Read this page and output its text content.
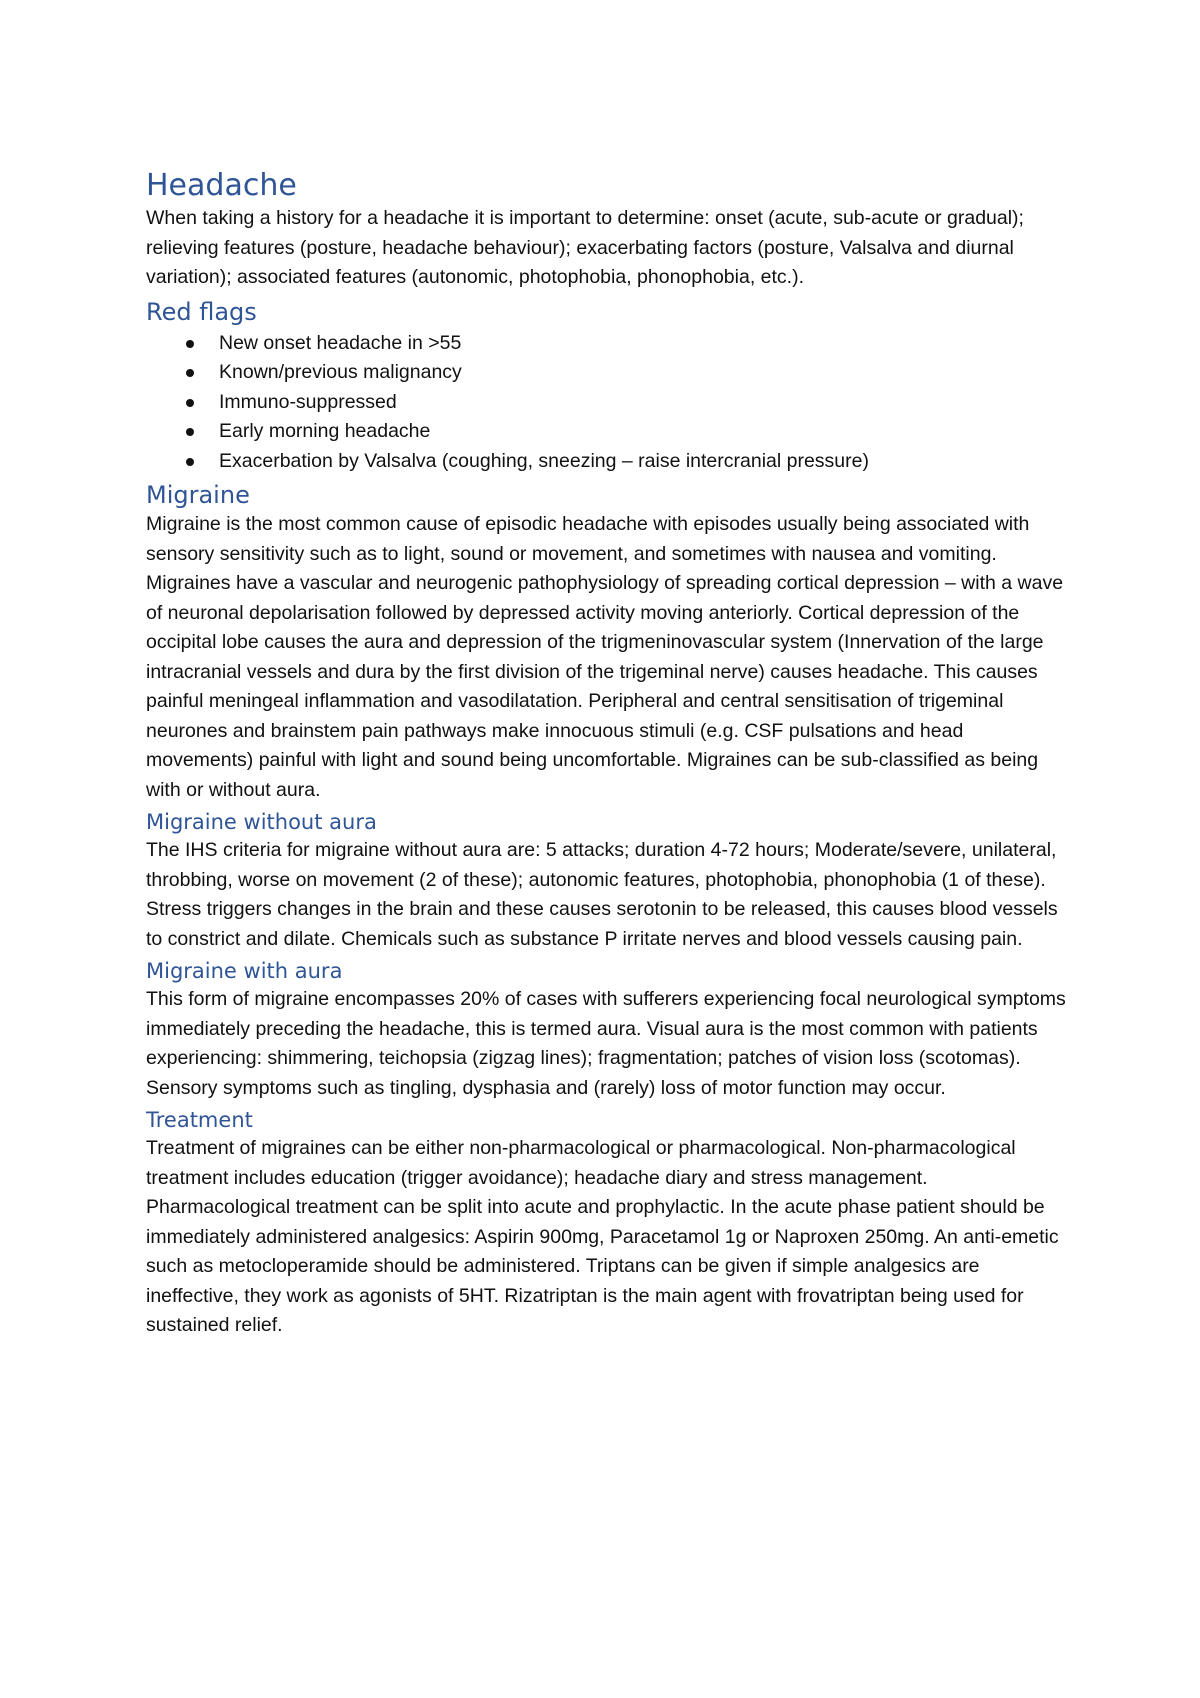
Headache

When taking a history for a headache it is important to determine: onset (acute, sub-acute or gradual); relieving features (posture, headache behaviour); exacerbating factors (posture, Valsalva and diurnal variation); associated features (autonomic, photophobia, phonophobia, etc.).

Red flags
New onset headache in >55
Known/previous malignancy
Immuno-suppressed
Early morning headache
Exacerbation by Valsalva (coughing, sneezing – raise intercranial pressure)
Migraine

Migraine is the most common cause of episodic headache with episodes usually being associated with sensory sensitivity such as to light, sound or movement, and sometimes with nausea and vomiting. Migraines have a vascular and neurogenic pathophysiology of spreading cortical depression – with a wave of neuronal depolarisation followed by depressed activity moving anteriorly. Cortical depression of the occipital lobe causes the aura and depression of the trigmeninovascular system (Innervation of the large intracranial vessels and dura by the first division of the trigeminal nerve) causes headache. This causes painful meningeal inflammation and vasodilatation. Peripheral and central sensitisation of trigeminal neurones and brainstem pain pathways make innocuous stimuli (e.g. CSF pulsations and head movements) painful with light and sound being uncomfortable. Migraines can be sub-classified as being with or without aura.

Migraine without aura

The IHS criteria for migraine without aura are: 5 attacks; duration 4-72 hours; Moderate/severe, unilateral, throbbing, worse on movement (2 of these); autonomic features, photophobia, phonophobia (1 of these).

Stress triggers changes in the brain and these causes serotonin to be released, this causes blood vessels to constrict and dilate. Chemicals such as substance P irritate nerves and blood vessels causing pain.

Migraine with aura

This form of migraine encompasses 20% of cases with sufferers experiencing focal neurological symptoms immediately preceding the headache, this is termed aura. Visual aura is the most common with patients experiencing: shimmering, teichopsia (zigzag lines); fragmentation; patches of vision loss (scotomas). Sensory symptoms such as tingling, dysphasia and (rarely) loss of motor function may occur.

Treatment

Treatment of migraines can be either non-pharmacological or pharmacological. Non-pharmacological treatment includes education (trigger avoidance); headache diary and stress management. Pharmacological treatment can be split into acute and prophylactic. In the acute phase patient should be immediately administered analgesics: Aspirin 900mg, Paracetamol 1g or Naproxen 250mg. An anti-emetic such as metocloperamide should be administered. Triptans can be given if simple analgesics are ineffective, they work as agonists of 5HT. Rizatriptan is the main agent with frovatriptan being used for sustained relief.
